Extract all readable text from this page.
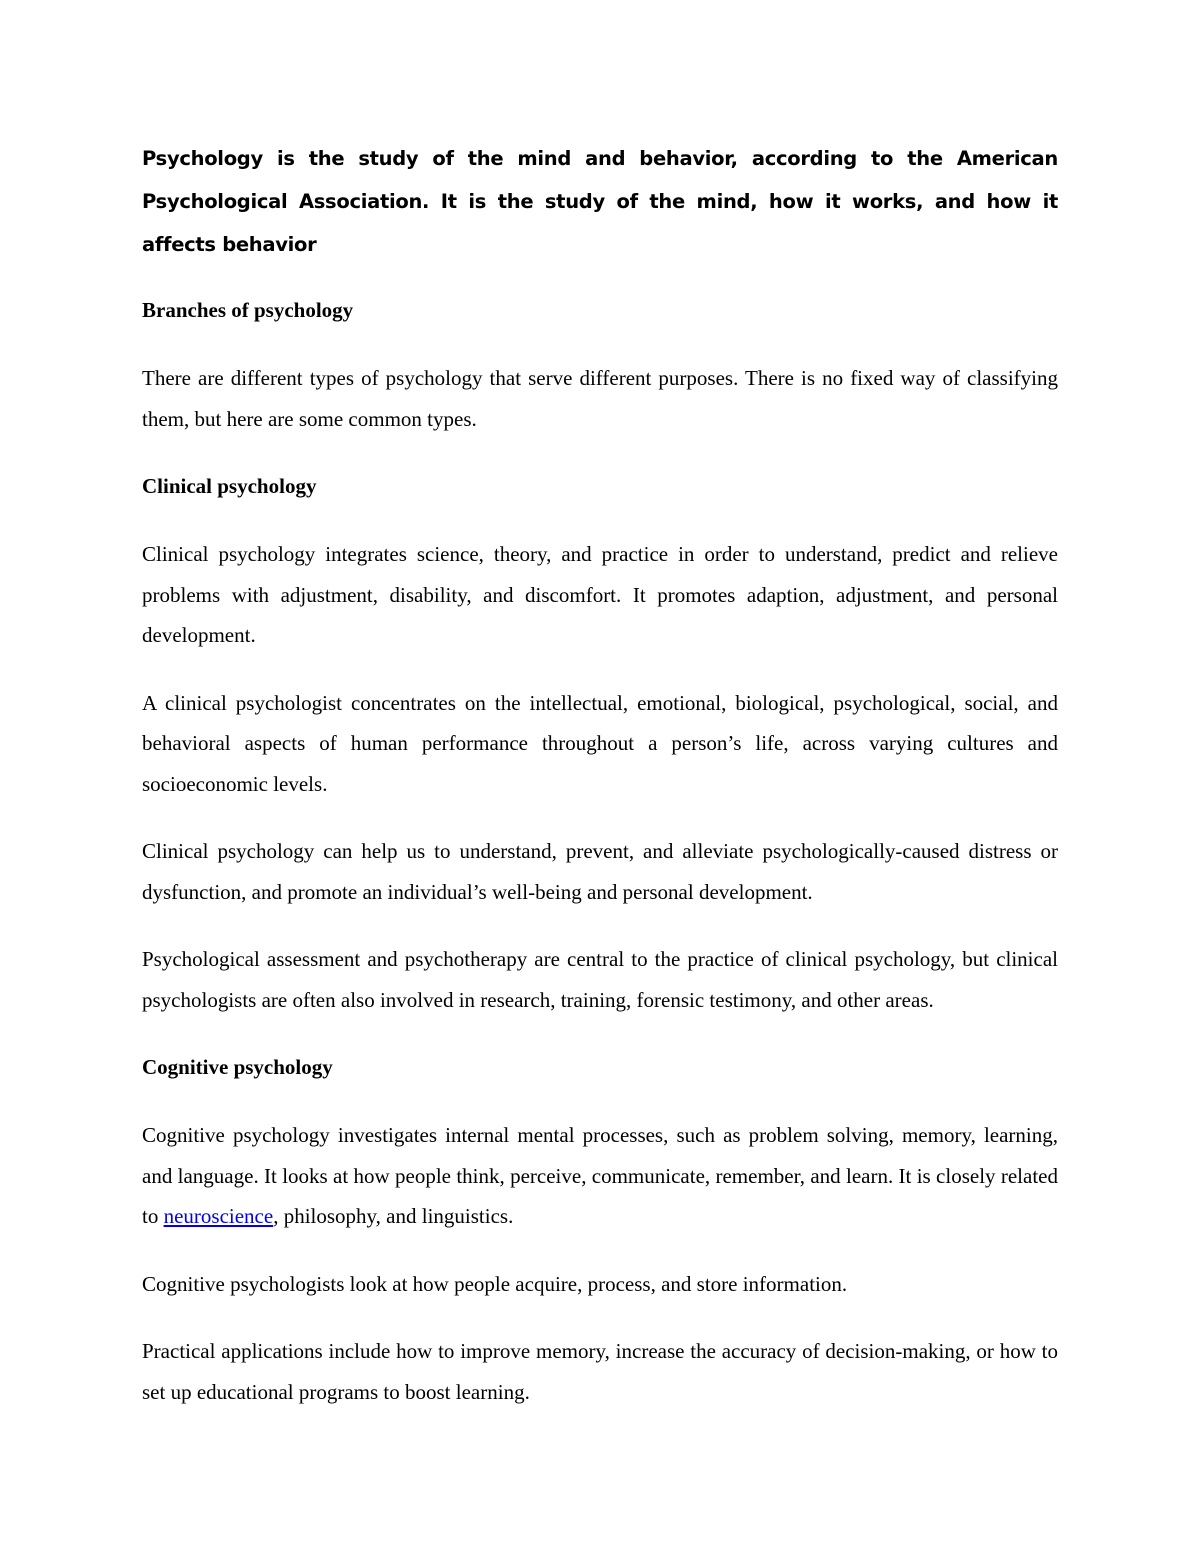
Psychology is the study of the mind and behavior, according to the American Psychological Association. It is the study of the mind, how it works, and how it affects behavior

Branches of psychology

There are different types of psychology that serve different purposes. There is no fixed way of classifying them, but here are some common types.

Clinical psychology

Clinical psychology integrates science, theory, and practice in order to understand, predict and relieve problems with adjustment, disability, and discomfort. It promotes adaption, adjustment, and personal development.

A clinical psychologist concentrates on the intellectual, emotional, biological, psychological, social, and behavioral aspects of human performance throughout a person’s life, across varying cultures and socioeconomic levels.

Clinical psychology can help us to understand, prevent, and alleviate psychologically-caused distress or dysfunction, and promote an individual’s well-being and personal development.

Psychological assessment and psychotherapy are central to the practice of clinical psychology, but clinical psychologists are often also involved in research, training, forensic testimony, and other areas.

Cognitive psychology

Cognitive psychology investigates internal mental processes, such as problem solving, memory, learning, and language. It looks at how people think, perceive, communicate, remember, and learn. It is closely related to neuroscience, philosophy, and linguistics.

Cognitive psychologists look at how people acquire, process, and store information.

Practical applications include how to improve memory, increase the accuracy of decision-making, or how to set up educational programs to boost learning.
